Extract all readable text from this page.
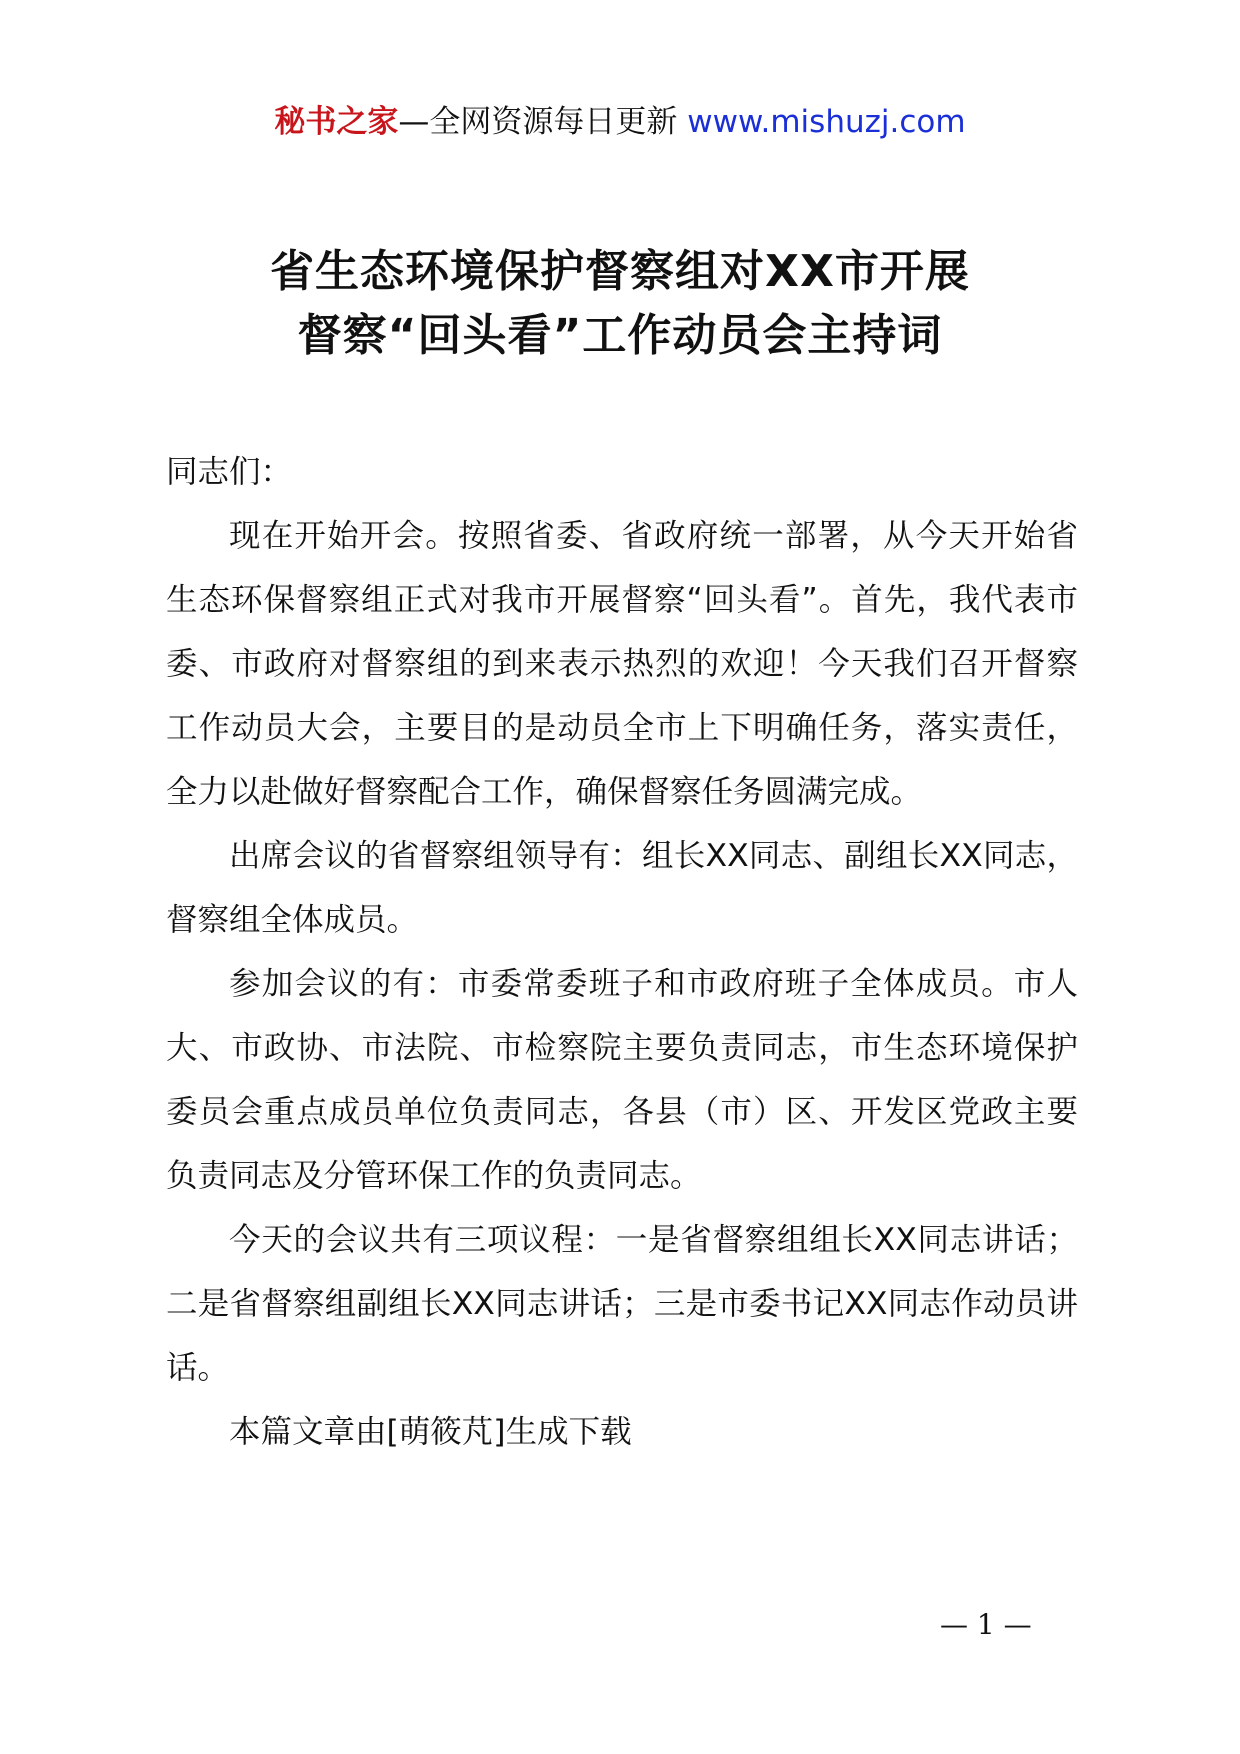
秘书之家—全网资源每日更新 www.mishuzj.com
省生态环境保护督察组对XX市开展
督察“回头看”工作动员会主持词

同志们：

现在开始开会。按照省委、省政府统一部署，从今天开始省生态环保督察组正式对我市开展督察“回头看”。首先，我代表市委、市政府对督察组的到来表示热烈的欢迎！今天我们召开督察工作动员大会，主要目的是动员全市上下明确任务，落实责任，全力以赴做好督察配合工作，确保督察任务圆满完成。

出席会议的省督察组领导有：组长XX同志、副组长XX同志，督察组全体成员。

参加会议的有：市委常委班子和市政府班子全体成员。市人大、市政协、市法院、市检察院主要负责同志，市生态环境保护委员会重点成员单位负责同志，各县（市）区、开发区党政主要负责同志及分管环保工作的负责同志。

今天的会议共有三项议程：一是省督察组组长XX同志讲话；二是省督察组副组长XX同志讲话；三是市委书记XX同志作动员讲话。

本篇文章由[萌筱芃]生成下载

— 1 —
